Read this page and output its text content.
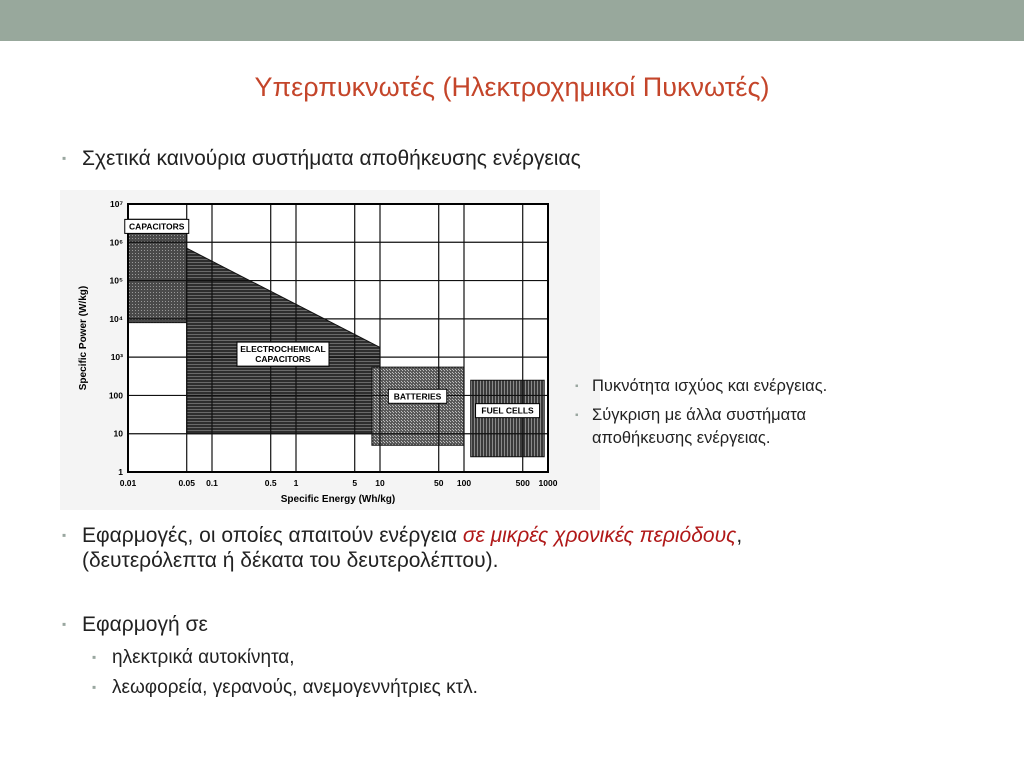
Υπερπυκνωτές (Ηλεκτροχημικοί Πυκνωτές)
▪ Σχετικά καινούρια συστήματα αποθήκευσης ενέργειας
CAPACITORS
ELECTROCHEMICAL
CAPACITORS
BATTERIES
FUEL CELLS
0.01	0.05 0.1	0.5 1	5 10	50 100	500 1000
1
10
100
10³
10⁴
10⁵
10⁶
10⁷
Specific Energy (Wh/kg)
Specific Power (W/kg)	▪ Πυκνότητα ισχύος και ενέργειας.
▪ Σύγκριση με άλλα συστήματα
αποθήκευσης ενέργειας.
▪ Εφαρμογές, οι οποίες απαιτούν ενέργεια σε μικρές χρονικές περιόδους,
(δευτερόλεπτα ή δέκατα του δευτερολέπτου).
▪ Εφαρμογή σε
▪ ηλεκτρικά αυτοκίνητα,
▪ λεωφορεία, γερανούς, ανεμογεννήτριες κτλ.
